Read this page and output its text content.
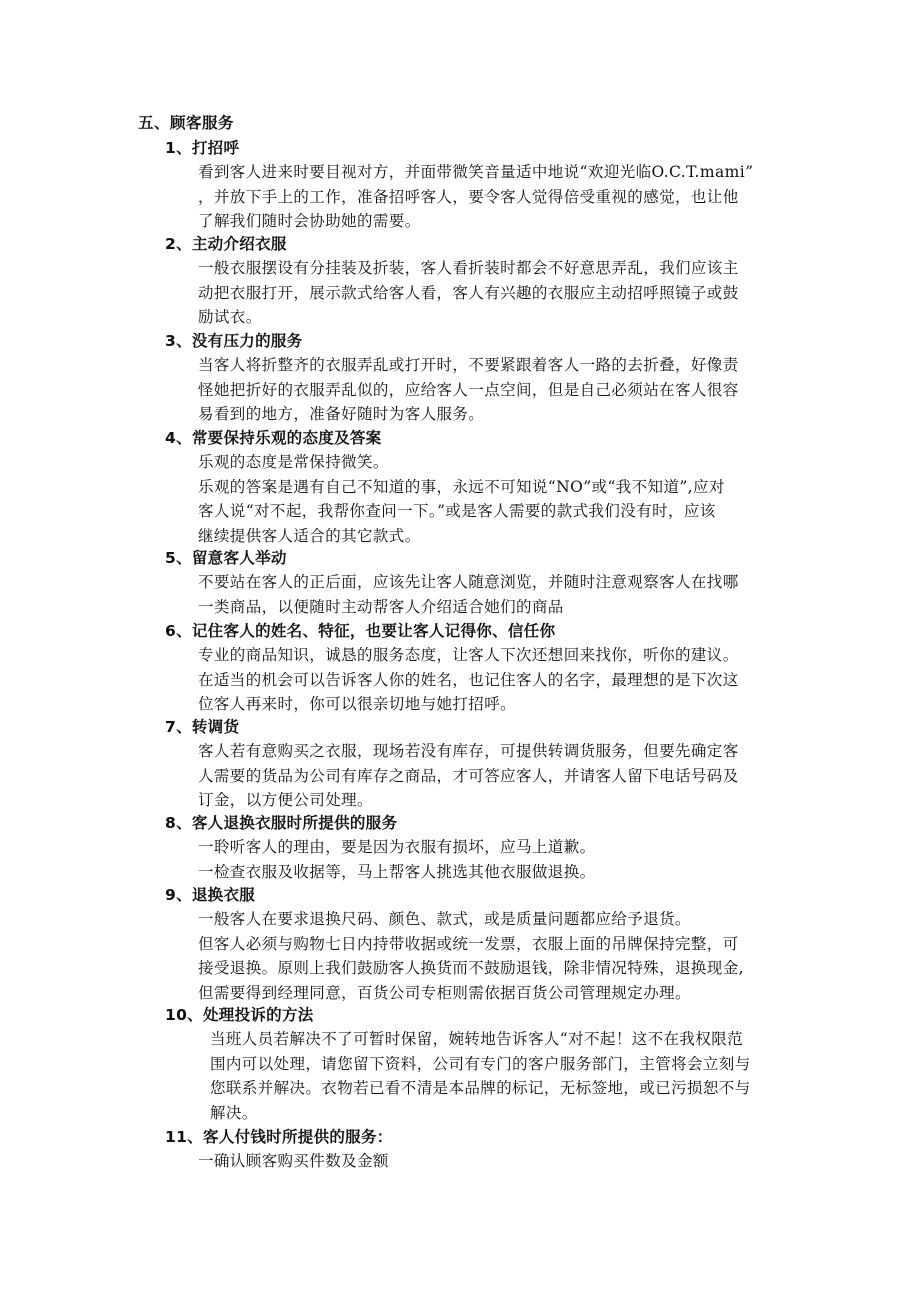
五、顾客服务
1、打招呼
看到客人进来时要目视对方，并面带微笑音量适中地说“欢迎光临O.C.T.mami”
，并放下手上的工作，准备招呼客人，要令客人觉得倍受重视的感觉，也让他
了解我们随时会协助她的需要。
2、主动介绍衣服
一般衣服摆设有分挂装及折装，客人看折装时都会不好意思弄乱，我们应该主
动把衣服打开，展示款式给客人看，客人有兴趣的衣服应主动招呼照镜子或鼓
励试衣。
3、没有压力的服务
当客人将折整齐的衣服弄乱或打开时，不要紧跟着客人一路的去折叠，好像责
怪她把折好的衣服弄乱似的，应给客人一点空间，但是自己必须站在客人很容
易看到的地方，准备好随时为客人服务。
4、常要保持乐观的态度及答案
乐观的态度是常保持微笑。
乐观的答案是遇有自己不知道的事，永远不可知说“NO”或“我不知道”,应对
客人说“对不起，我帮你查问一下。”或是客人需要的款式我们没有时，应该
继续提供客人适合的其它款式。
5、留意客人举动
不要站在客人的正后面，应该先让客人随意浏览，并随时注意观察客人在找哪
一类商品，以便随时主动帮客人介绍适合她们的商品
6、记住客人的姓名、特征，也要让客人记得你、信任你
专业的商品知识，诚恳的服务态度，让客人下次还想回来找你，听你的建议。
在适当的机会可以告诉客人你的姓名，也记住客人的名字，最理想的是下次这
位客人再来时，你可以很亲切地与她打招呼。
7、转调货
客人若有意购买之衣服，现场若没有库存，可提供转调货服务，但要先确定客
人需要的货品为公司有库存之商品，才可答应客人，并请客人留下电话号码及
订金，以方便公司处理。
8、客人退换衣服时所提供的服务
一聆听客人的理由，要是因为衣服有损坏，应马上道歉。
一检查衣服及收据等，马上帮客人挑选其他衣服做退换。
9、退换衣服
一般客人在要求退换尺码、颜色、款式，或是质量问题都应给予退货。
但客人必须与购物七日内持带收据或统一发票，衣服上面的吊牌保持完整，可
接受退换。原则上我们鼓励客人换货而不鼓励退钱，除非情况特殊，退换现金,
但需要得到经理同意，百货公司专柜则需依据百货公司管理规定办理。
10、处理投诉的方法
当班人员若解决不了可暂时保留，婉转地告诉客人“对不起！这不在我权限范
围内可以处理，请您留下资料，公司有专门的客户服务部门，主管将会立刻与
您联系并解决。衣物若已看不清是本品牌的标记，无标签地，或已污损恕不与
解决。
11、客人付钱时所提供的服务：
一确认顾客购买件数及金额
